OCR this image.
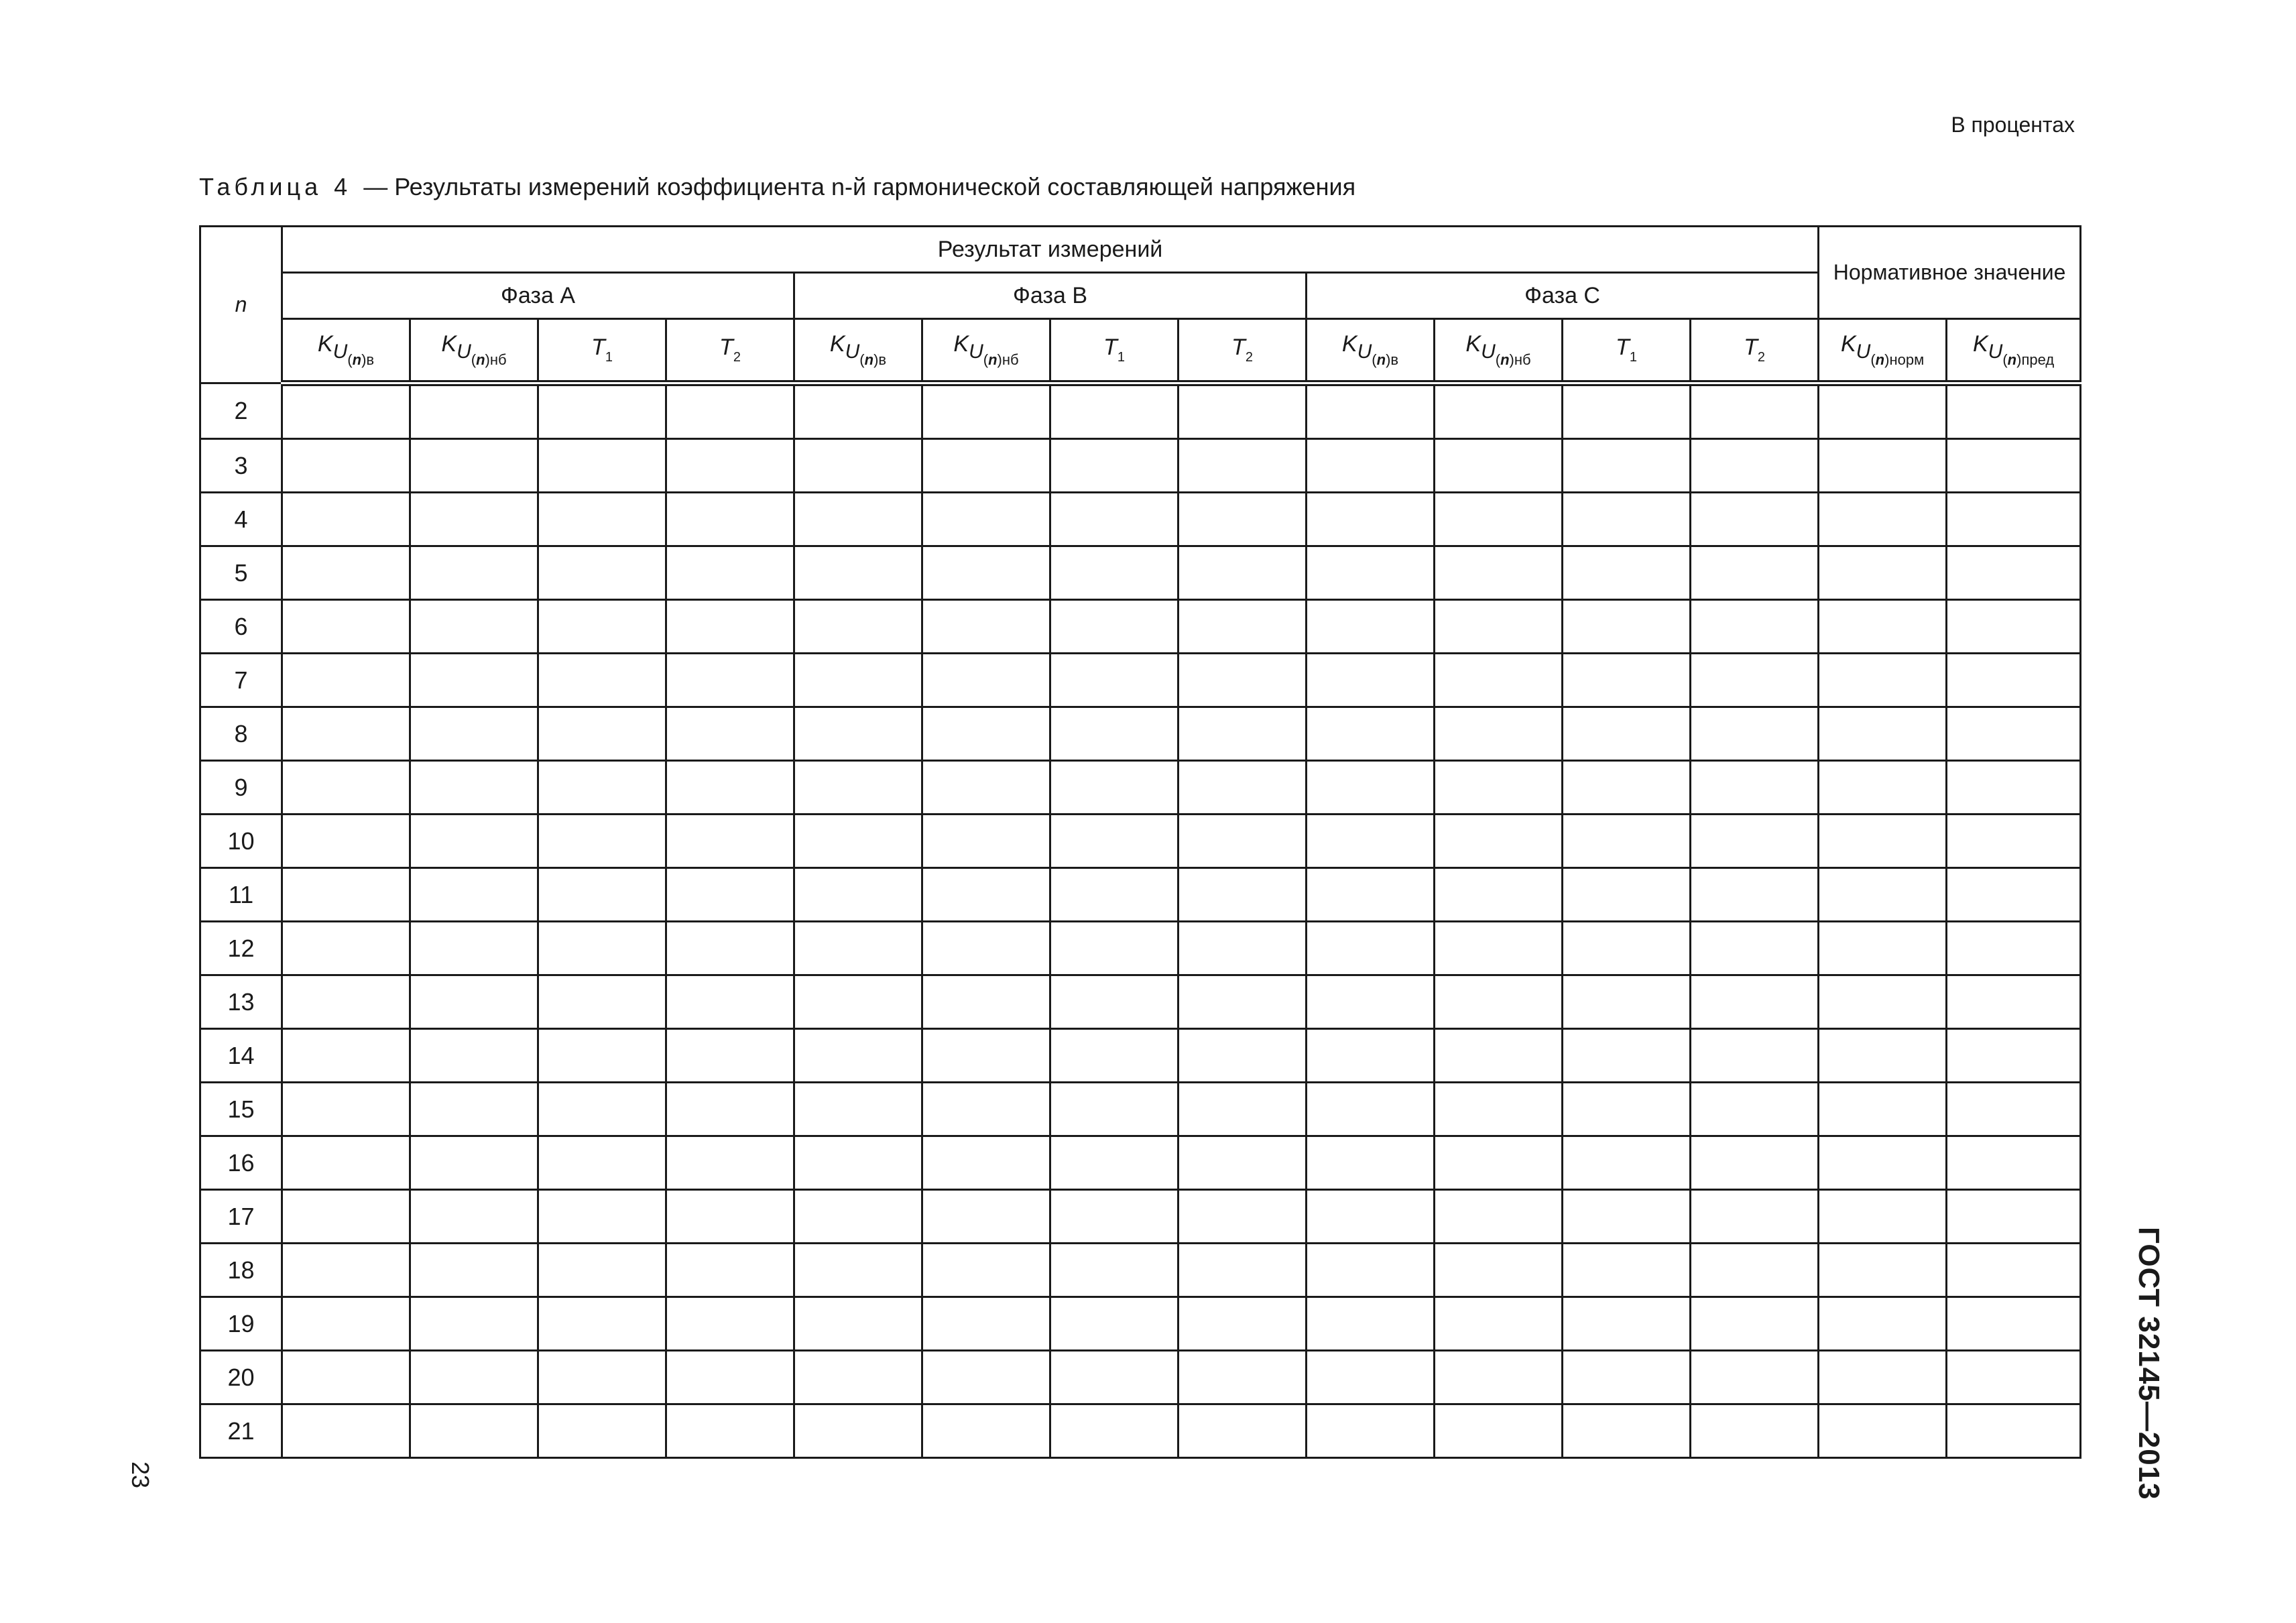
В процентах
Таблица 4 — Результаты измерений коэффициента n-й гармонической составляющей напряжения
n	Результат измерений												Нормативное значение	
	Фаза A				Фаза B				Фаза C					
	$K_{U_{(n)в}}$	$K_{U_{(n)нб}}$	$T_1$	$T_2$	$K_{U_{(n)в}}$	$K_{U_{(n)нб}}$	$T_1$	$T_2$	$K_{U_{(n)в}}$	$K_{U_{(n)нб}}$	$T_1$	$T_2$	$K_{U_{(n)норм}}$	$K_{U_{(n)пред}}$
2														
3														
4														
5														
6														
7														
8														
9														
10														
11														
12														
13														
14														
15														
16														
17														
18														
19														
20														
21														
23	ГОСТ 32145—2013
